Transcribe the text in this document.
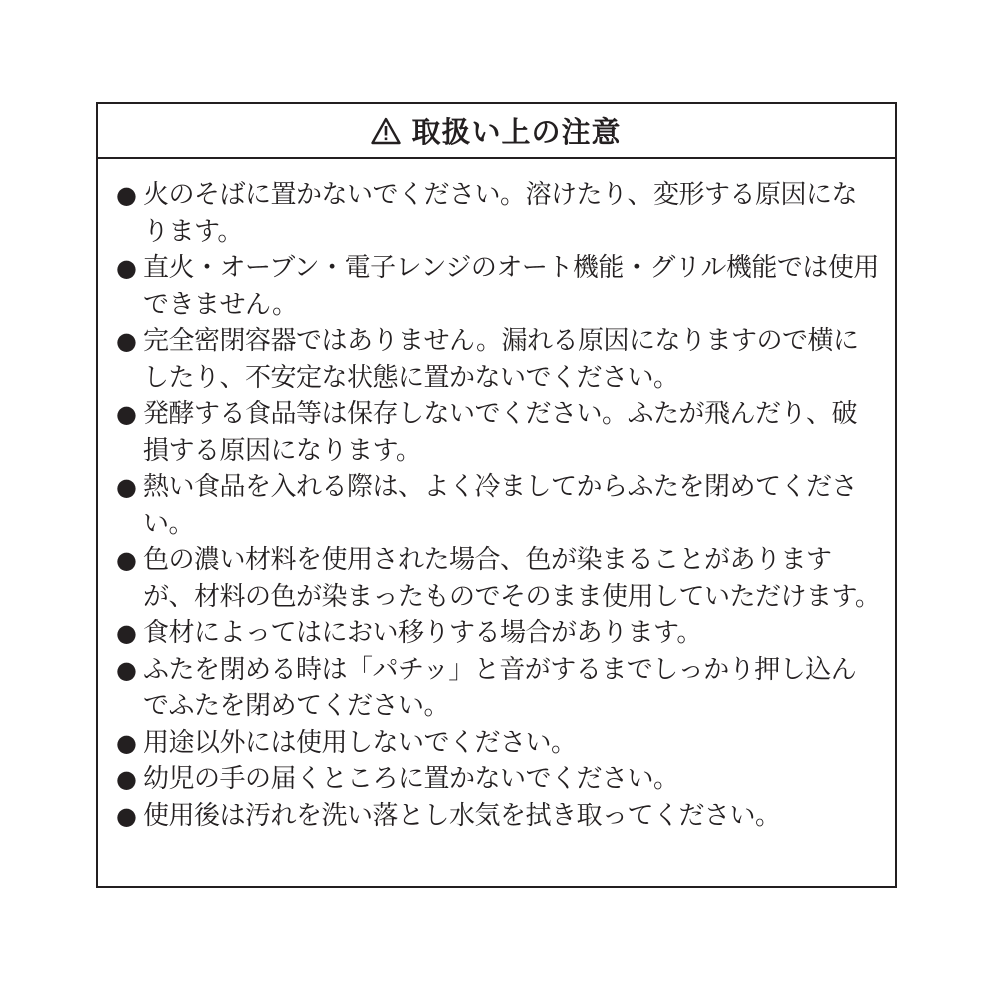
取扱い上の注意
● 火のそばに置かないでください。溶けたり、変形する原因になります。
● 直火・オーブン・電子レンジのオート機能・グリル機能では使用できません。
● 完全密閉容器ではありません。漏れる原因になりますので横にしたり、不安定な状態に置かないでください。
● 発酵する食品等は保存しないでください。ふたが飛んだり、破損する原因になります。
● 熱い食品を入れる際は、よく冷ましてからふたを閉めてください。
● 色の濃い材料を使用された場合、色が染まることがありますが、材料の色が染まったものでそのまま使用していただけます。
● 食材によってはにおい移りする場合があります。
● ふたを閉める時は「パチッ」と音がするまでしっかり押し込んでふたを閉めてください。
● 用途以外には使用しないでください。
● 幼児の手の届くところに置かないでください。
● 使用後は汚れを洗い落とし水気を拭き取ってください。
